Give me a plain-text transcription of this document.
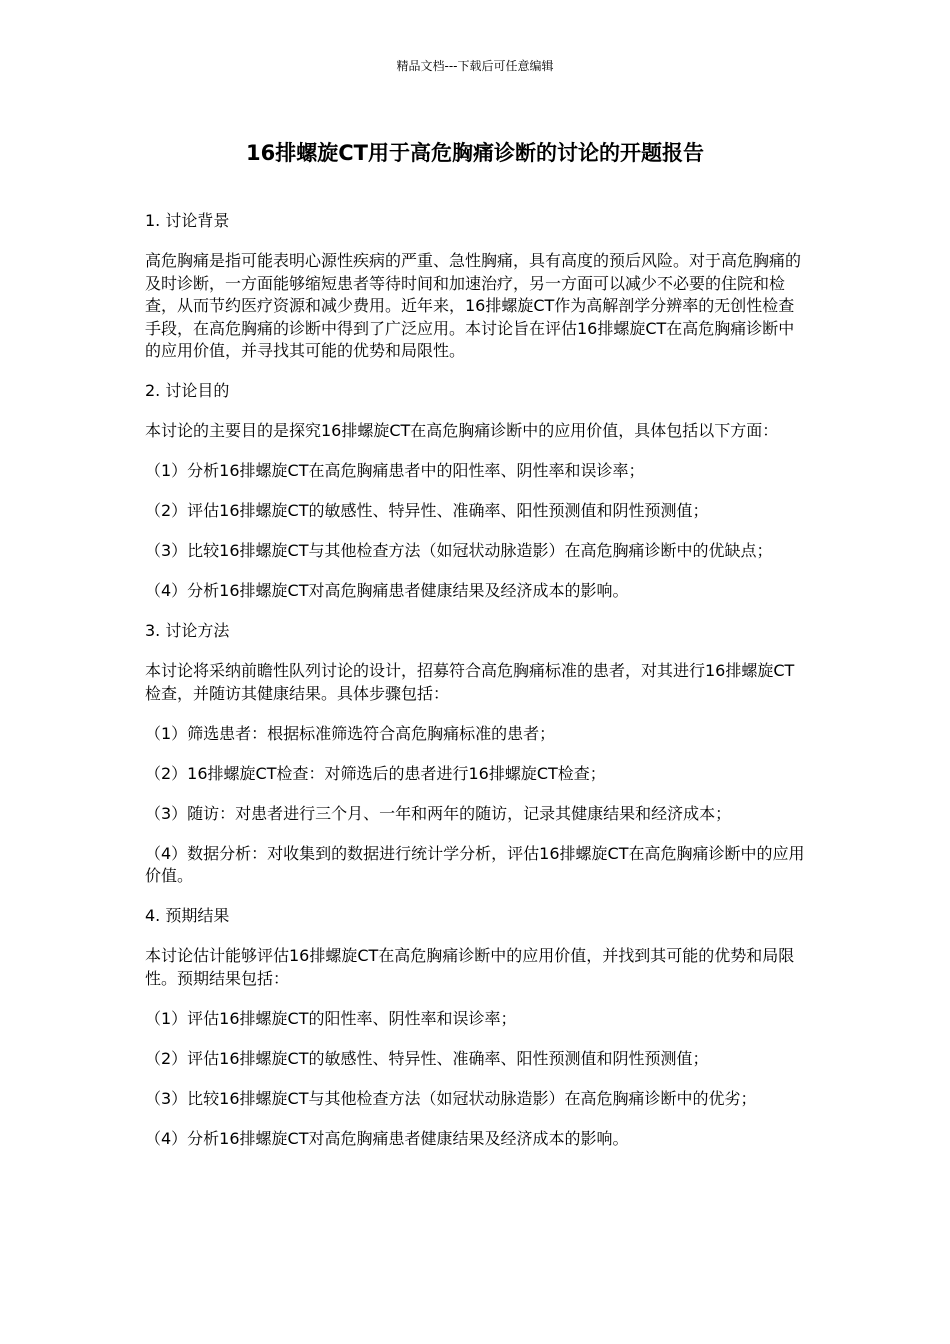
精品文档---下载后可任意编辑
16排螺旋CT用于高危胸痛诊断的讨论的开题报告

1. 讨论背景

高危胸痛是指可能表明心源性疾病的严重、急性胸痛，具有高度的预后风险。对于高危胸痛的及时诊断，一方面能够缩短患者等待时间和加速治疗，另一方面可以减少不必要的住院和检查，从而节约医疗资源和减少费用。近年来，16排螺旋CT作为高解剖学分辨率的无创性检查手段，在高危胸痛的诊断中得到了广泛应用。本讨论旨在评估16排螺旋CT在高危胸痛诊断中的应用价值，并寻找其可能的优势和局限性。

2. 讨论目的

本讨论的主要目的是探究16排螺旋CT在高危胸痛诊断中的应用价值，具体包括以下方面：

（1）分析16排螺旋CT在高危胸痛患者中的阳性率、阴性率和误诊率；

（2）评估16排螺旋CT的敏感性、特异性、准确率、阳性预测值和阴性预测值；

（3）比较16排螺旋CT与其他检查方法（如冠状动脉造影）在高危胸痛诊断中的优缺点；

（4）分析16排螺旋CT对高危胸痛患者健康结果及经济成本的影响。

3. 讨论方法

本讨论将采纳前瞻性队列讨论的设计，招募符合高危胸痛标准的患者，对其进行16排螺旋CT检查，并随访其健康结果。具体步骤包括：

（1）筛选患者：根据标准筛选符合高危胸痛标准的患者；

（2）16排螺旋CT检查：对筛选后的患者进行16排螺旋CT检查；

（3）随访：对患者进行三个月、一年和两年的随访，记录其健康结果和经济成本；

（4）数据分析：对收集到的数据进行统计学分析，评估16排螺旋CT在高危胸痛诊断中的应用价值。

4. 预期结果

本讨论估计能够评估16排螺旋CT在高危胸痛诊断中的应用价值，并找到其可能的优势和局限性。预期结果包括：

（1）评估16排螺旋CT的阳性率、阴性率和误诊率；

（2）评估16排螺旋CT的敏感性、特异性、准确率、阳性预测值和阴性预测值；

（3）比较16排螺旋CT与其他检查方法（如冠状动脉造影）在高危胸痛诊断中的优劣；

（4）分析16排螺旋CT对高危胸痛患者健康结果及经济成本的影响。
